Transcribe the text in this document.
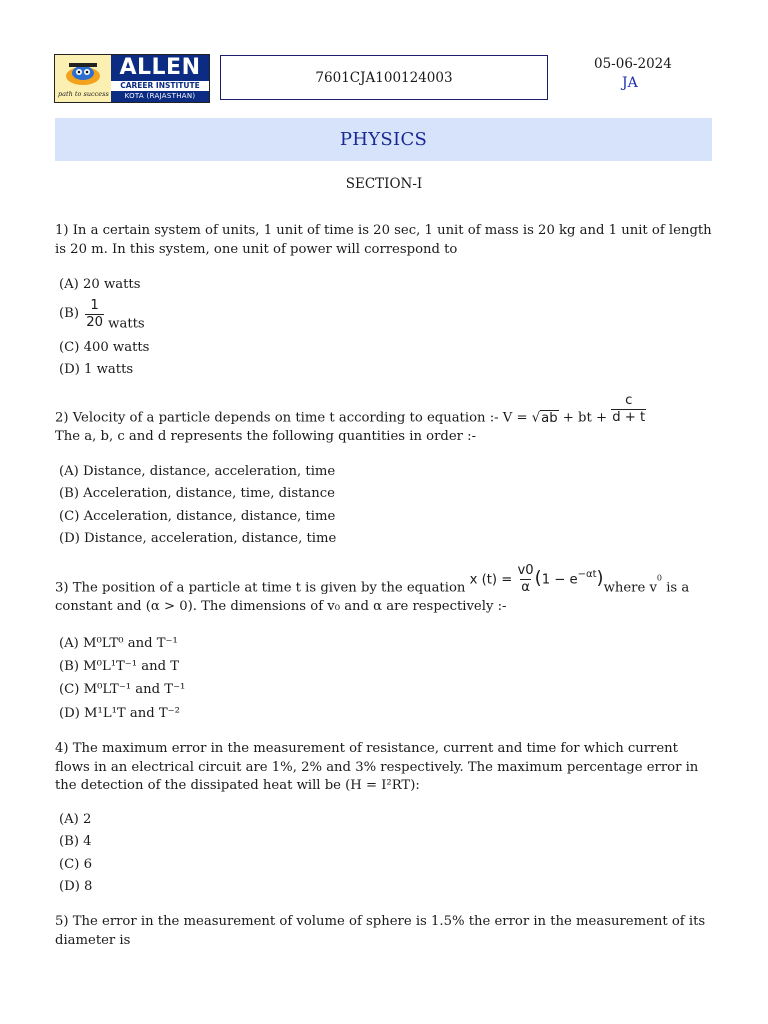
path to success
ALLEN
CAREER INSTITUTE
KOTA (RAJASTHAN)
7601CJA100124003
05-06-2024
JA
PHYSICS
SECTION-I
1) In a certain system of units, 1 unit of time is 20 sec, 1 unit of mass is 20 kg and 1 unit of length is 20 m. In this system, one unit of power will correspond to
(A) 20 watts
$(B) \frac{1}{20}$ watts
(C) 400 watts
(D) 1 watts
2) Velocity of a particle depends on time t according to equation :- V = √ab + bt + $\frac{c}{d + t}$
The a, b, c and d represents the following quantities in order :-
(A) Distance, distance, acceleration, time
(B) Acceleration, distance, time, distance
(C) Acceleration, distance, distance, time
(D) Distance, acceleration, distance, time
3) The position of a particle at time t is given by the equation x $(t) = \frac{v0}{\alpha} (1$ − $e^{-\alpha t})where$ $v^0$ is a
constant and (α > 0). The dimensions of v₀ and α are respectively :-
(A) M⁰LT⁰ and T⁻¹
(B) M⁰L¹T⁻¹ and T
(C) M⁰LT⁻¹ and T⁻¹
(D) M¹L¹T and T⁻²
4) The maximum error in the measurement of resistance, current and time for which current flows in an electrical circuit are 1%, 2% and 3% respectively. The maximum percentage error in the detection of the dissipated heat will be (H = I²RT):
(A) 2
(B) 4
(C) 6
(D) 8
5) The error in the measurement of volume of sphere is 1.5% the error in the measurement of its diameter is
